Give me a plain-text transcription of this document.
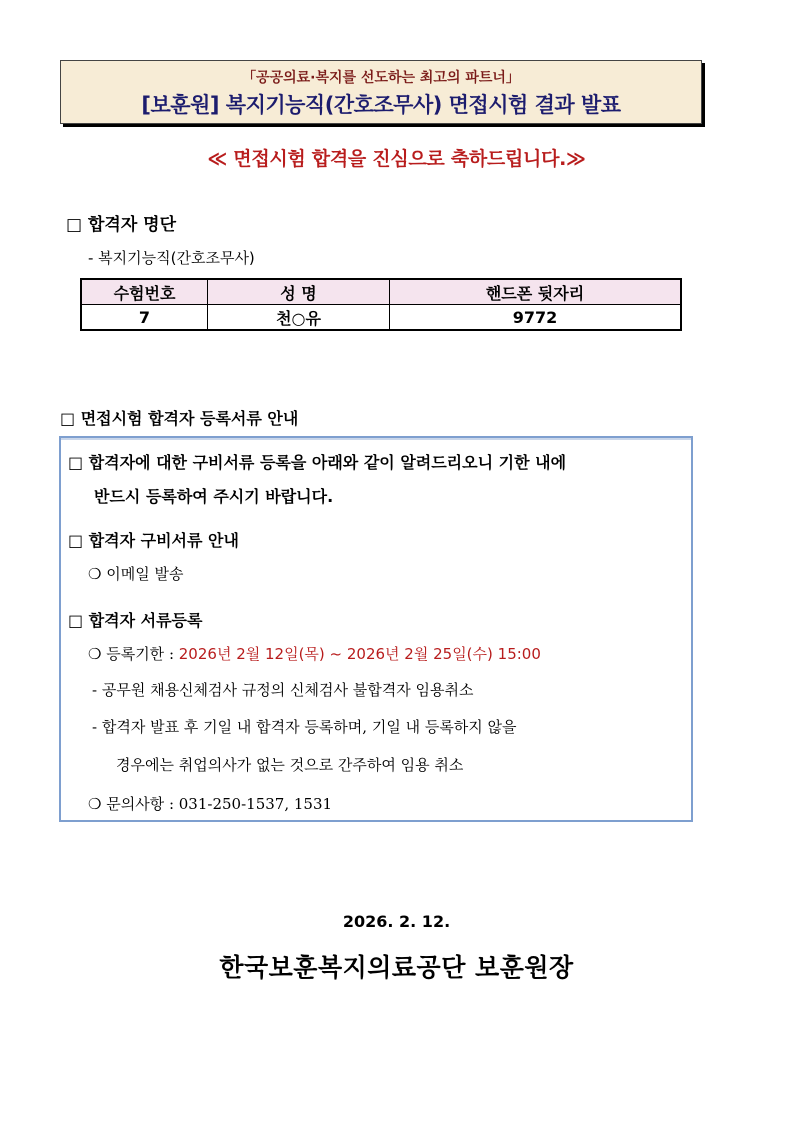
「공공의료·복지를 선도하는 최고의 파트너」
[보훈원] 복지기능직(간호조무사) 면접시험 결과 발표
≪ 면접시험 합격을 진심으로 축하드립니다.≫
□ 합격자 명단
- 복지기능직(간호조무사)
수험번호	성 명	핸드폰 뒷자리
7	천○유	9772
□ 면접시험 합격자 등록서류 안내
□ 합격자에 대한 구비서류 등록을 아래와 같이 알려드리오니 기한 내에
반드시 등록하여 주시기 바랍니다.
□ 합격자 구비서류 안내
❍ 이메일 발송
□ 합격자 서류등록
❍ 등록기한 : 2026년 2월 12일(목) ~ 2026년 2월 25일(수) 15:00
- 공무원 채용신체검사 규정의 신체검사 불합격자 임용취소
- 합격자 발표 후 기일 내 합격자 등록하며, 기일 내 등록하지 않을
경우에는 취업의사가 없는 것으로 간주하여 임용 취소
❍ 문의사항 : 031-250-1537, 1531
2026. 2. 12.
한국보훈복지의료공단 보훈원장
